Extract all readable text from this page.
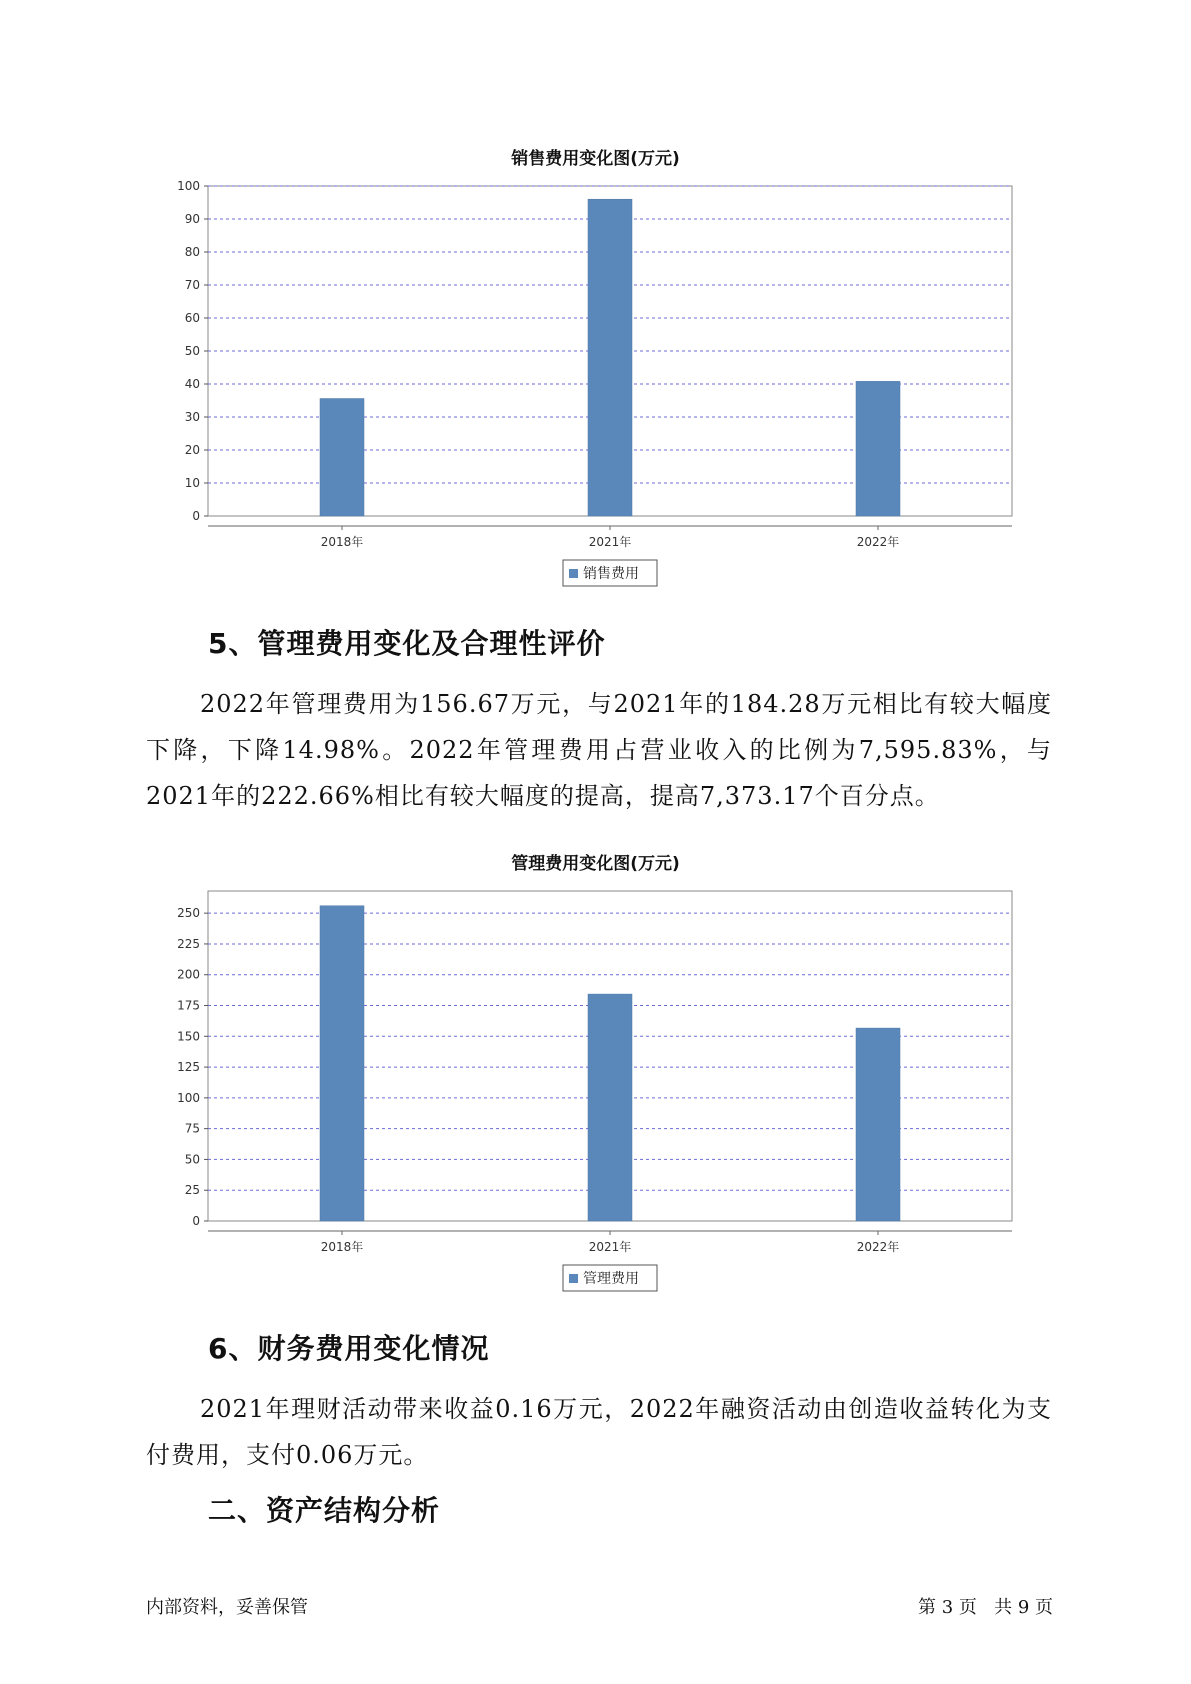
销售费用变化图(万元)
0
10
20
30
40
50
60
70
80
90
100
2018年	2021年	2022年
销售费用
5、管理费用变化及合理性评价

2022年管理费用为156.67万元，与2021年的184.28万元相比有较大幅度下降，下降14.98%。2022年管理费用占营业收入的比例为7,595.83%，与2021年的222.66%相比有较大幅度的提高，提高7,373.17个百分点。

管理费用变化图(万元)
0
25
50
75
100
125
150
175
200
225
250
2018年	2021年	2022年
管理费用
6、财务费用变化情况

2021年理财活动带来收益0.16万元，2022年融资活动由创造收益转化为支付费用，支付0.06万元。

二、资产结构分析
内部资料，妥善保管	第 3 页   共 9 页
